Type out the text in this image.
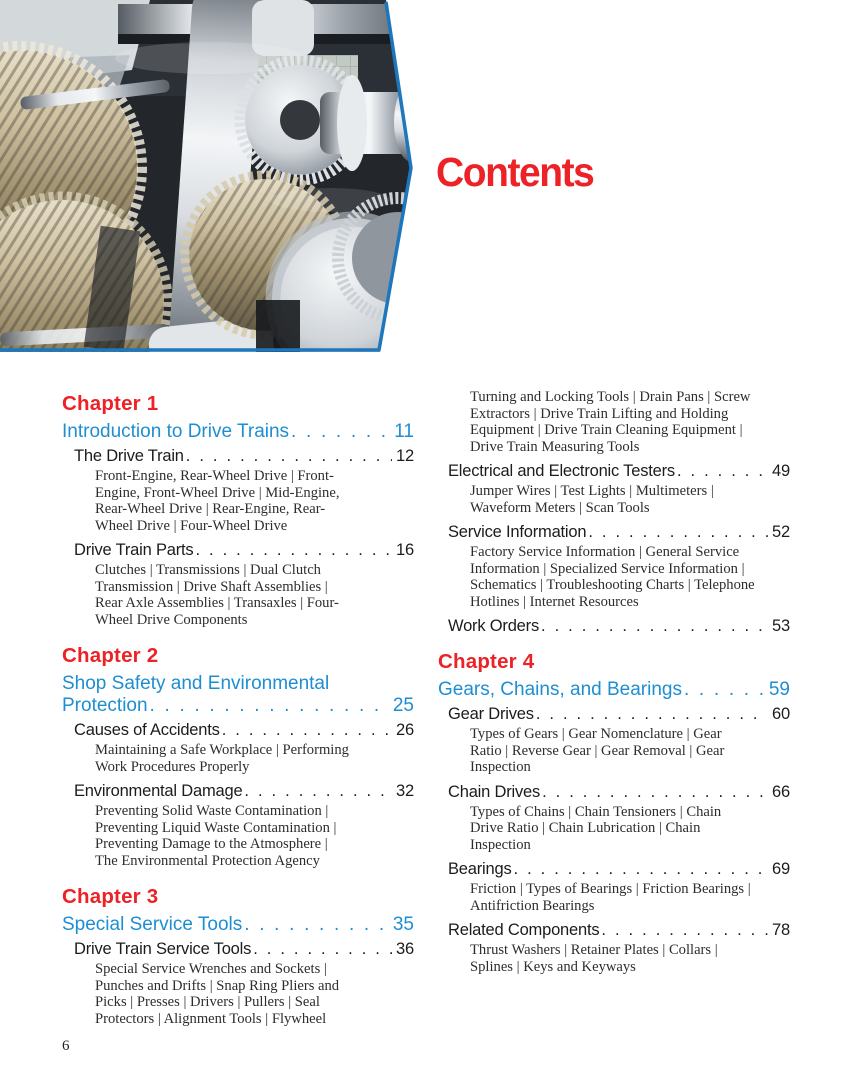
Contents
Chapter 1
Introduction to Drive Trains . . .	11
The Drive Train . . .	12

Front-Engine, Rear-Wheel Drive | Front-Engine, Front-Wheel Drive | Mid-Engine, Rear-Wheel Drive | Rear-Engine, Rear-Wheel Drive | Four-Wheel Drive

Drive Train Parts . . .	16

Clutches | Transmissions | Dual Clutch Transmission | Drive Shaft Assemblies | Rear Axle Assemblies | Transaxles | Four-Wheel Drive Components

Chapter 2
Shop Safety and Environmental
Protection . . .	25
Causes of Accidents . . .	26

Maintaining a Safe Workplace | Performing Work Procedures Properly

Environmental Damage . . .	32

Preventing Solid Waste Contamination | Preventing Liquid Waste Contamination | Preventing Damage to the Atmosphere | The Environmental Protection Agency

Chapter 3
Special Service Tools . . .	35
Drive Train Service Tools . . .	36

Special Service Wrenches and Sockets | Punches and Drifts | Snap Ring Pliers and Picks | Presses | Drivers | Pullers | Seal Protectors | Alignment Tools | Flywheel

Turning and Locking Tools | Drain Pans | Screw Extractors | Drive Train Lifting and Holding Equipment | Drive Train Cleaning Equipment | Drive Train Measuring Tools

Electrical and Electronic Testers . . .	49

Jumper Wires | Test Lights | Multimeters | Waveform Meters | Scan Tools

Service Information . . .	52

Factory Service Information | General Service Information | Specialized Service Information | Schematics | Troubleshooting Charts | Telephone Hotlines | Internet Resources

Work Orders . . .	53
Chapter 4
Gears, Chains, and Bearings . . .	59
Gear Drives . . .	60

Types of Gears | Gear Nomenclature | Gear Ratio | Reverse Gear | Gear Removal | Gear Inspection

Chain Drives . . .	66

Types of Chains | Chain Tensioners | Chain Drive Ratio | Chain Lubrication | Chain Inspection

Bearings . . .	69

Friction | Types of Bearings | Friction Bearings | Antifriction Bearings

Related Components . . .	78

Thrust Washers | Retainer Plates | Collars | Splines | Keys and Keyways

6
